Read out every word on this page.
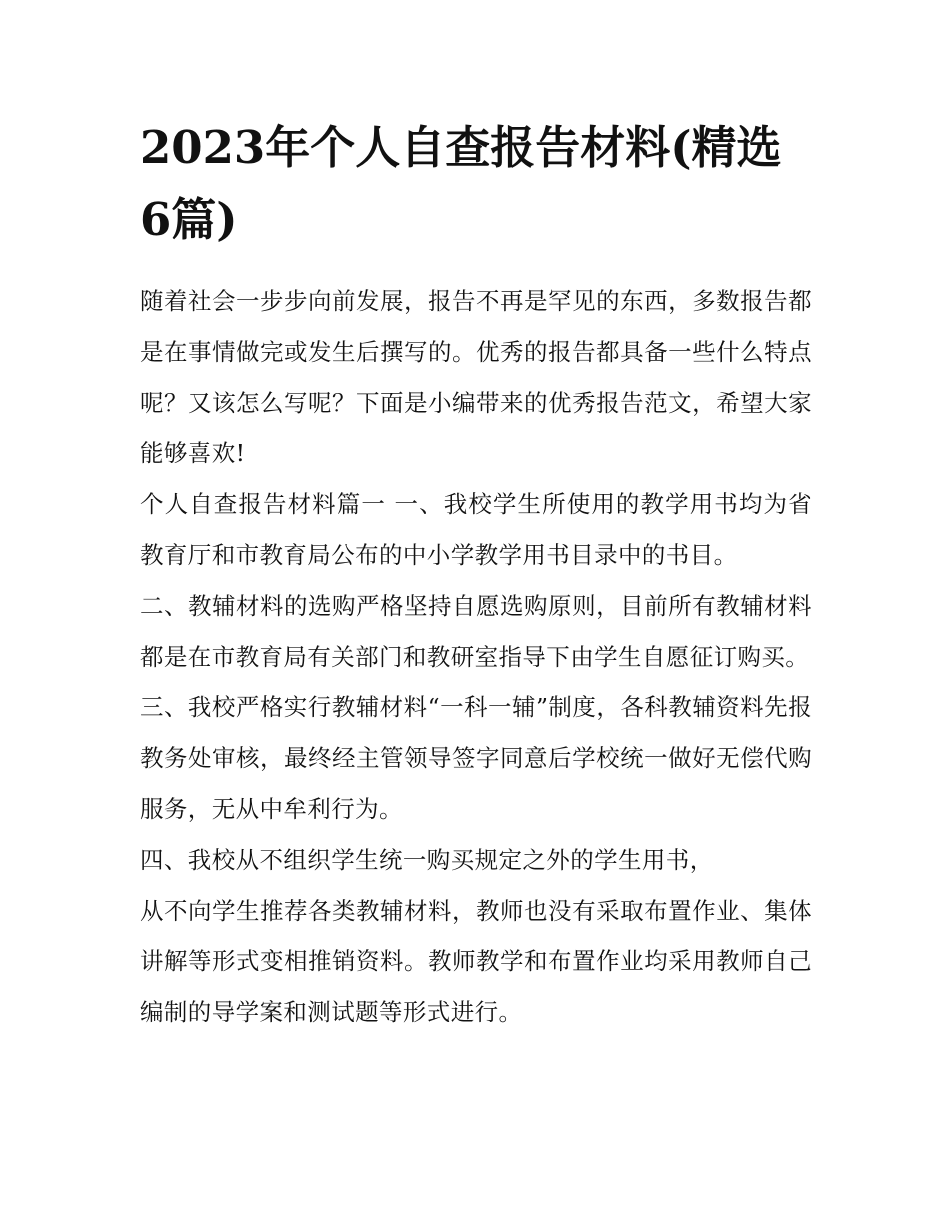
2023年个人自查报告材料(精选6篇)

随着社会一步步向前发展，报告不再是罕见的东西，多数报告都是在事情做完或发生后撰写的。优秀的报告都具备一些什么特点呢？又该怎么写呢？下面是小编带来的优秀报告范文，希望大家能够喜欢!

个人自查报告材料篇一 一、我校学生所使用的教学用书均为省教育厅和市教育局公布的中小学教学用书目录中的书目。

二、教辅材料的选购严格坚持自愿选购原则，目前所有教辅材料都是在市教育局有关部门和教研室指导下由学生自愿征订购买。

三、我校严格实行教辅材料“一科一辅”制度，各科教辅资料先报教务处审核，最终经主管领导签字同意后学校统一做好无偿代购服务，无从中牟利行为。

四、我校从不组织学生统一购买规定之外的学生用书，

从不向学生推荐各类教辅材料，教师也没有采取布置作业、集体讲解等形式变相推销资料。教师教学和布置作业均采用教师自己编制的导学案和测试题等形式进行。
